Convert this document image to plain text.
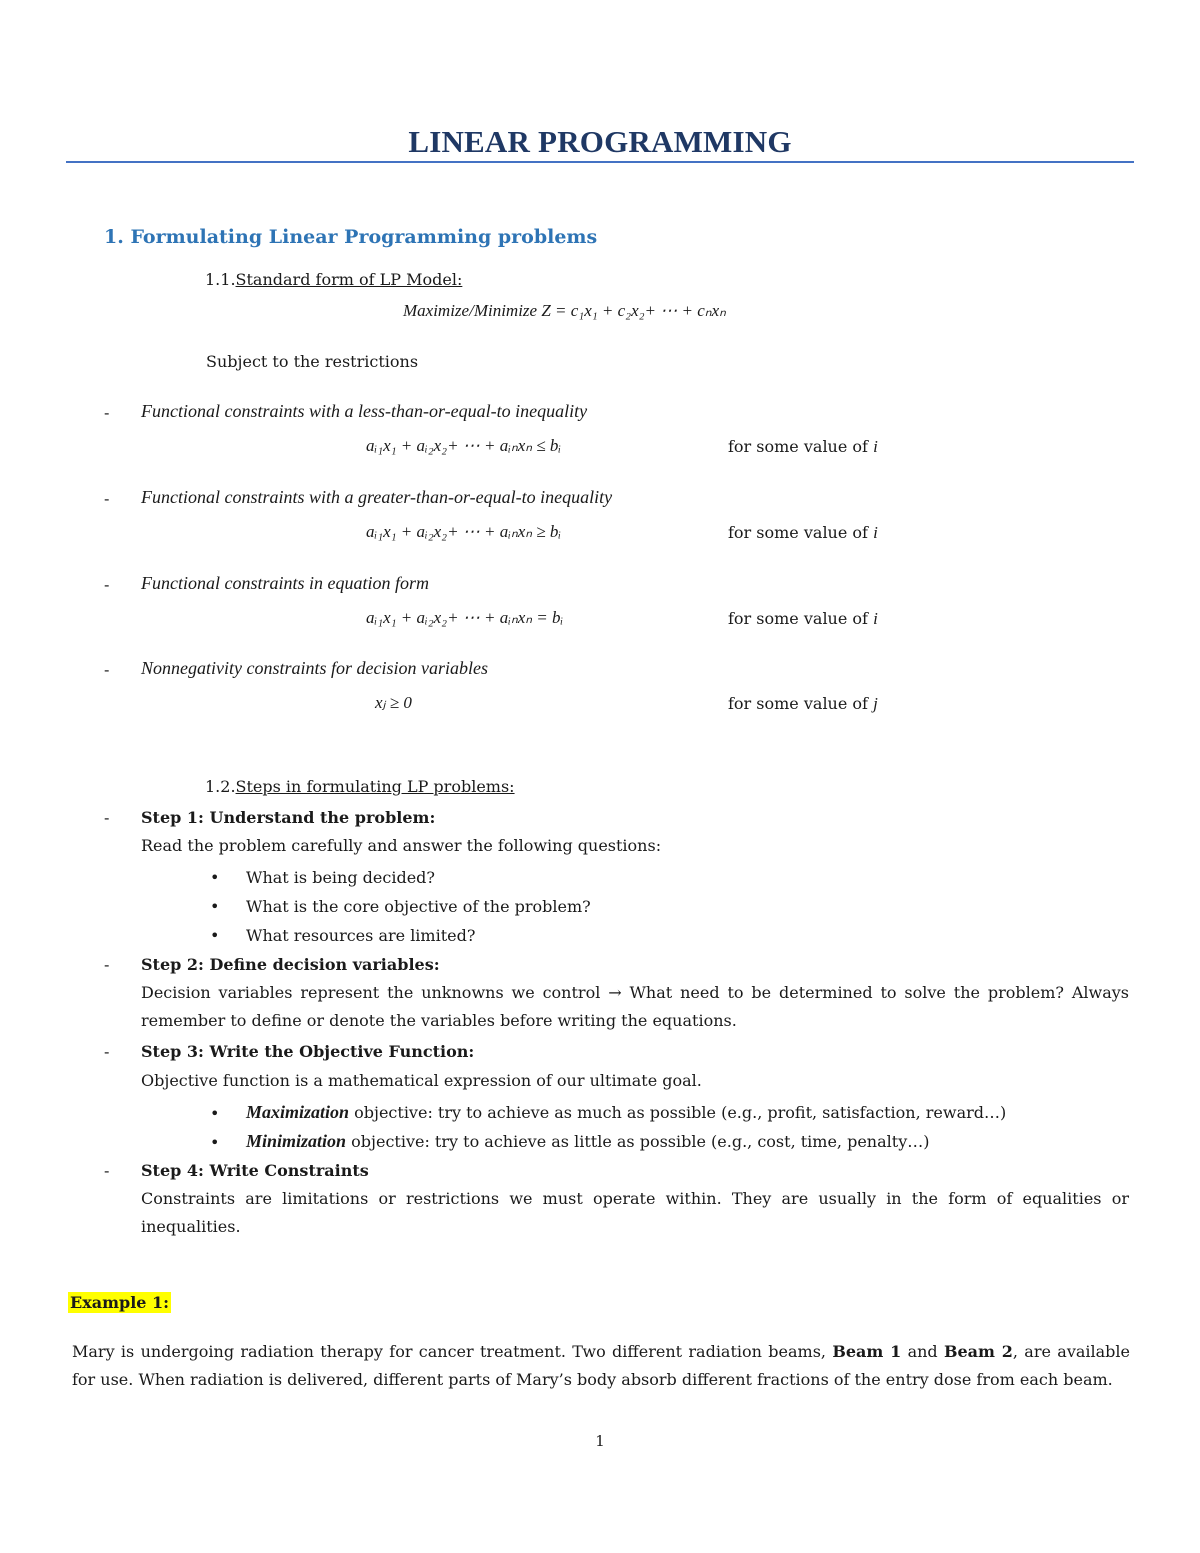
LINEAR PROGRAMMING
1. Formulating Linear Programming problems
1.1.Standard form of LP Model:
Maximize/Minimize Z = c₁x₁ + c₂x₂+ ⋯ + cₙxₙ
Subject to the restrictions
- Functional constraints with a less-than-or-equal-to inequality
aᵢ₁x₁ + aᵢ₂x₂+ ⋯ + aᵢₙxₙ ≤ bᵢ	for some value of i
- Functional constraints with a greater-than-or-equal-to inequality
aᵢ₁x₁ + aᵢ₂x₂+ ⋯ + aᵢₙxₙ ≥ bᵢ	for some value of i
- Functional constraints in equation form
aᵢ₁x₁ + aᵢ₂x₂+ ⋯ + aᵢₙxₙ = bᵢ	for some value of i
- Nonnegativity constraints for decision variables
xⱼ ≥ 0	for some value of j
1.2.Steps in formulating LP problems:
- Step 1: Understand the problem:
Read the problem carefully and answer the following questions:
• What is being decided?
• What is the core objective of the problem?
• What resources are limited?
- Step 2: Define decision variables:
Decision variables represent the unknowns we control → What need to be determined to solve the problem? Always remember to define or denote the variables before writing the equations.
- Step 3: Write the Objective Function:
Objective function is a mathematical expression of our ultimate goal.
• Maximization objective: try to achieve as much as possible (e.g., profit, satisfaction, reward…)
• Minimization objective: try to achieve as little as possible (e.g., cost, time, penalty…)
- Step 4: Write Constraints
Constraints are limitations or restrictions we must operate within. They are usually in the form of equalities or inequalities.
Example 1:
Mary is undergoing radiation therapy for cancer treatment. Two different radiation beams, Beam 1 and Beam 2, are available for use. When radiation is delivered, different parts of Mary’s body absorb different fractions of the entry dose from each beam.
1
